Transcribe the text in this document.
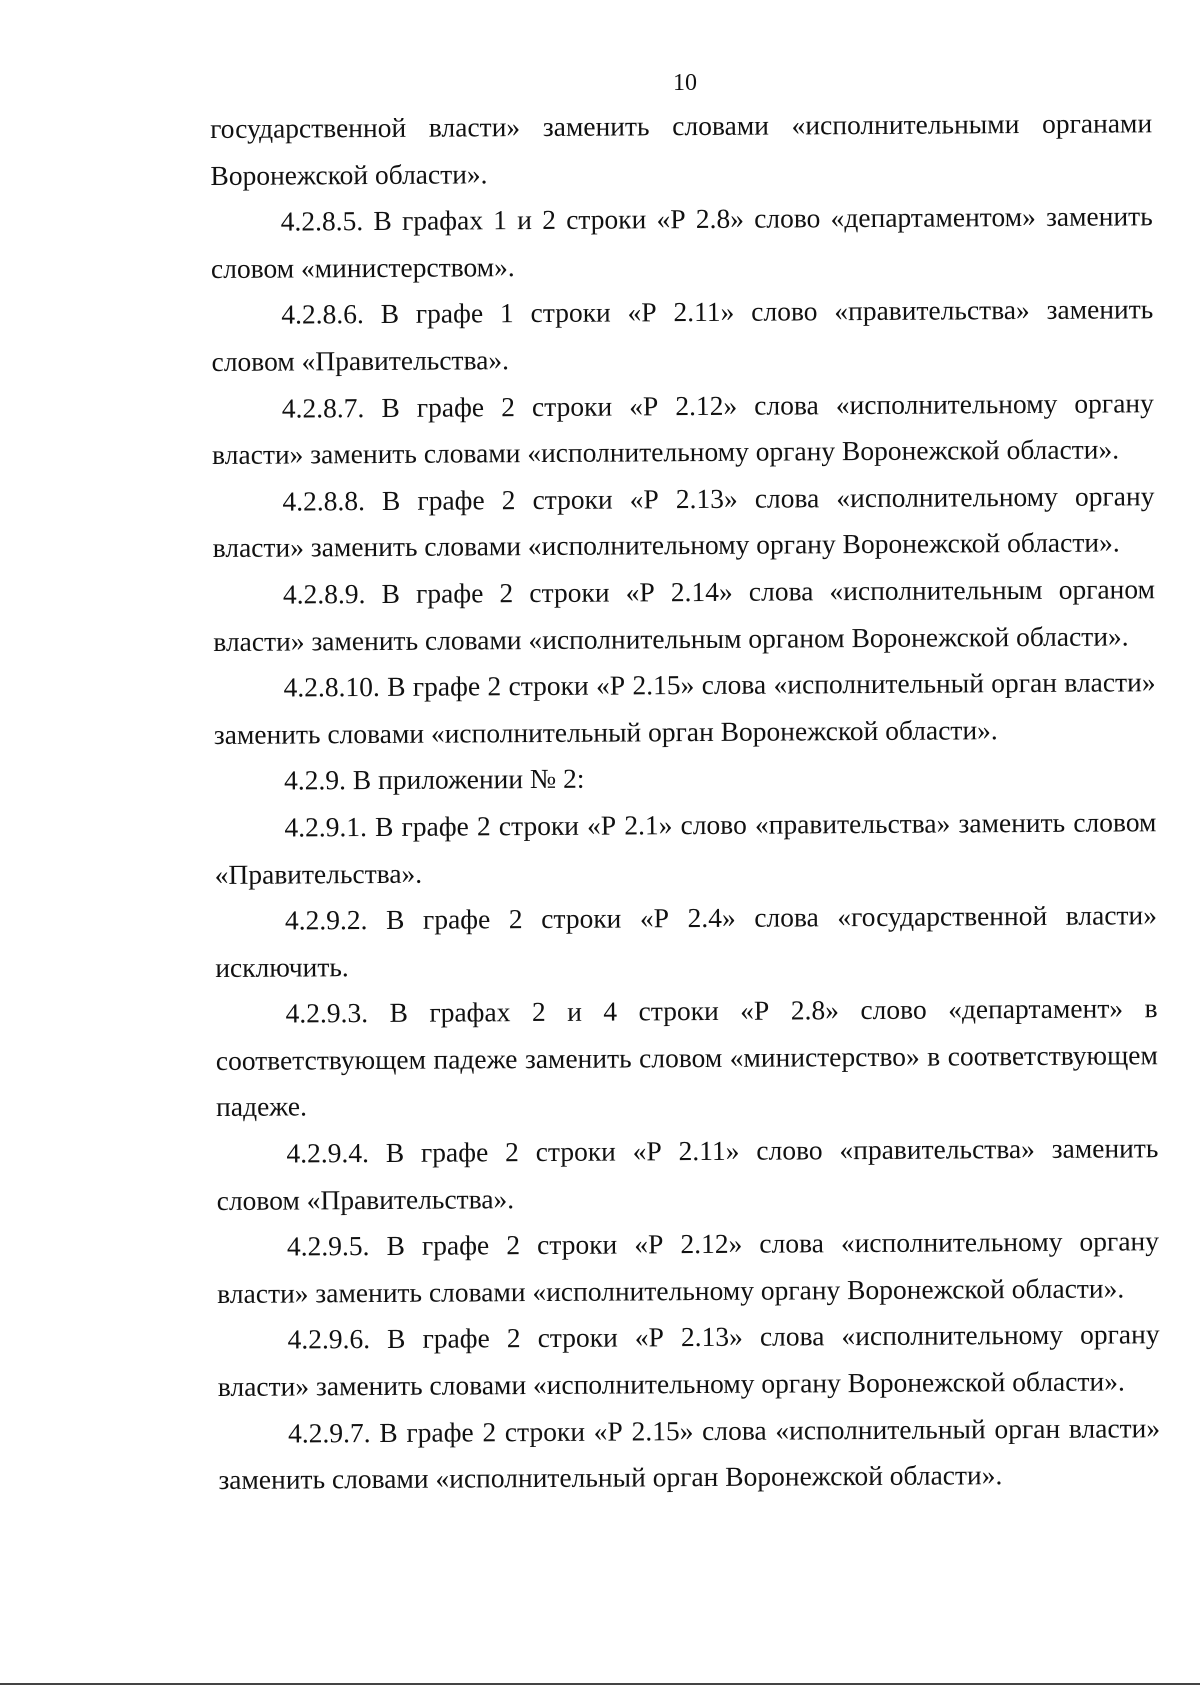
10

государственной власти» заменить словами «исполнительными органами Воронежской области».

4.2.8.5. В графах 1 и 2 строки «Р 2.8» слово «департаментом» заменить словом «министерством».

4.2.8.6. В графе 1 строки «Р 2.11» слово «правительства» заменить словом «Правительства».

4.2.8.7. В графе 2 строки «Р 2.12» слова «исполнительному органу власти» заменить словами «исполнительному органу Воронежской области».

4.2.8.8. В графе 2 строки «Р 2.13» слова «исполнительному органу власти» заменить словами «исполнительному органу Воронежской области».

4.2.8.9. В графе 2 строки «Р 2.14» слова «исполнительным органом власти» заменить словами «исполнительным органом Воронежской области».

4.2.8.10. В графе 2 строки «Р 2.15» слова «исполнительный орган власти» заменить словами «исполнительный орган Воронежской области».

4.2.9. В приложении № 2:

4.2.9.1. В графе 2 строки «Р 2.1» слово «правительства» заменить словом «Правительства».

4.2.9.2. В графе 2 строки «Р 2.4» слова «государственной власти» исключить.

4.2.9.3. В графах 2 и 4 строки «Р 2.8» слово «департамент» в соответствующем падеже заменить словом «министерство» в соответствующем падеже.

4.2.9.4. В графе 2 строки «Р 2.11» слово «правительства» заменить словом «Правительства».

4.2.9.5. В графе 2 строки «Р 2.12» слова «исполнительному органу власти» заменить словами «исполнительному органу Воронежской области».

4.2.9.6. В графе 2 строки «Р 2.13» слова «исполнительному органу власти» заменить словами «исполнительному органу Воронежской области».

4.2.9.7. В графе 2 строки «Р 2.15» слова «исполнительный орган власти» заменить словами «исполнительный орган Воронежской области».
